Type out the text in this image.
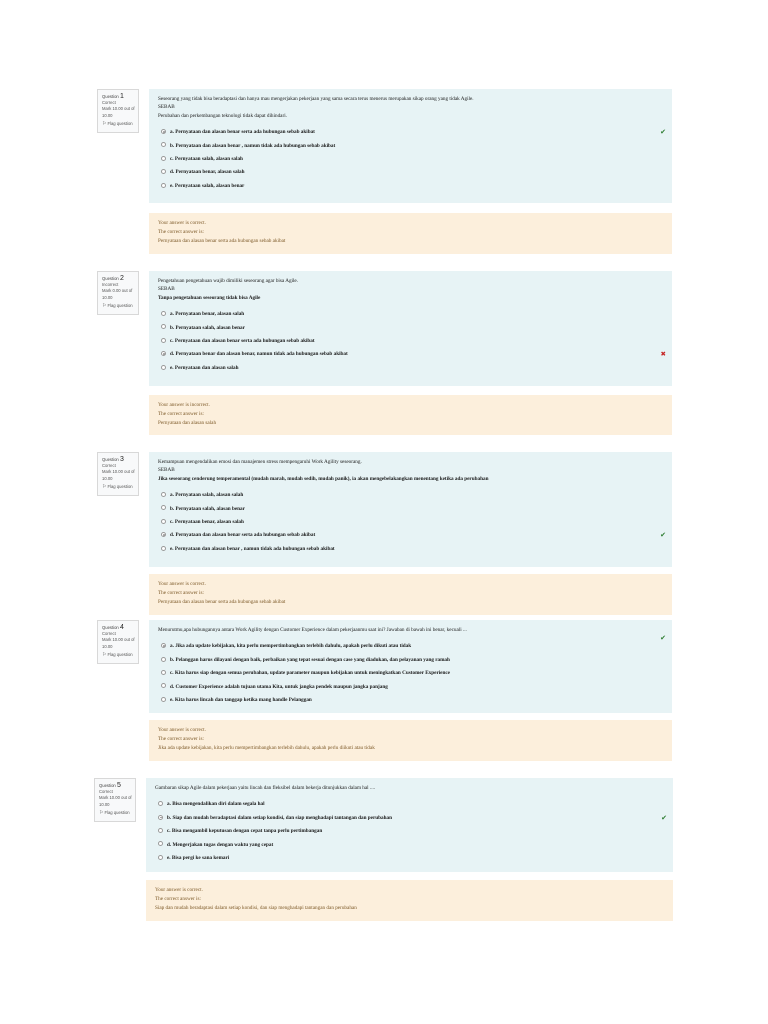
Question 1
Correct
Mark 10.00 out of 10.00
⚐Flag question
Seseorang yang tidak bisa beradaptasi dan hanya mau mengerjakan pekerjaan yang sama secara terus menerus merupakan sikap orang yang tidak Agile.
SEBAB
Perubahan dan perkembangan teknologi tidak dapat dihindari.
a. Pernyataan dan alasan benar serta ada hubungan sebab akibat	✔
b. Pernyataan dan alasan benar , namun tidak ada hubungan sebab akibat
c. Pernyataan salah, alasan salah
d. Pernyataan benar, alasan salah
e. Pernyataan salah, alasan benar
Your answer is correct.
The correct answer is:
Pernyataan dan alasan benar serta ada hubungan sebab akibat
Question 2
Incorrect
Mark 0.00 out of 10.00
⚐Flag question
Pengetahuan pengetahuan wajib dimiliki seseorang agar bisa Agile.
SEBAB
Tanpa pengetahuan seseorang tidak bisa Agile
a. Pernyataan benar, alasan salah
b. Pernyataan salah, alasan benar
c. Pernyataan dan alasan benar serta ada hubungan sebab akibat
d. Pernyataan benar dan alasan benar, namun tidak ada hubungan sebab akibat	✖
e. Pernyataan dan alasan salah
Your answer is incorrect.
The correct answer is:
Pernyataan dan alasan salah
Question 3
Correct
Mark 10.00 out of 10.00
⚐Flag question
Kemampuan mengendalikan emosi dan manajemen stress mempengaruhi Work Agility seseorang.
SEBAB
Jika seseorang cenderung temperamental (mudah marah, mudah sedih, mudah panik), ia akan mengebelakangkan menentang ketika ada perubahan
a. Pernyataan salah, alasan salah
b. Pernyataan salah, alasan benar
c. Pernyataan benar, alasan salah
d. Pernyataan dan alasan benar serta ada hubungan sebab akibat	✔
e. Pernyataan dan alasan benar , namun tidak ada hubungan sebab akibat
Your answer is correct.
The correct answer is:
Pernyataan dan alasan benar serta ada hubungan sebab akibat
Question 4
Correct
Mark 10.00 out of 10.00
⚐Flag question
Menurutmu,apa hubungannya antara Work Agility dengan Customer Experience dalam pekerjaanmu saat ini? Jawaban di bawah ini benar, kecuali ...
a. Jika ada update kebijakan, kita perlu mempertimbangkan terlebih dahulu, apakah perlu dikuti atau tidak
✔
b. Pelanggan harus dilayani dengan baik, perbaikan yang tepat sesuai dengan case yang diadukan, dan pelayanan yang ramah
c. Kita harus siap dengan semua perubahan, update parameter maupun kebijakan untuk meningkatkan Customer Experience
d. Customer Experience adalah tujuan utama Kita, untuk jangka pendek maupun jangka panjang
e. Kita harus lincah dan tanggap ketika mang handle Pelanggan
Your answer is correct.
The correct answer is:
Jika ada update kebijakan, kita perlu mempertimbangkan terlebih dahulu, apakah perlu diikuti atau tidak
Question 5
Correct
Mark 10.00 out of 10.00
⚐Flag question
Gambaran sikap Agile dalam pekerjaan yaitu lincah dan fleksibel dalam bekerja ditunjukkan dalam hal ....
a. Bisa mengendalikan diri dalam segala hal
b. Siap dan mudah beradaptasi dalam setiap kondisi, dan siap menghadapi tantangan dan perubahan	✔
c. Bisa mengambil keputusan dengan cepat tanpa perlu pertimbangan
d. Mengerjakan tugas dengan waktu yang cepat
e. Bisa pergi ke sana kemari
Your answer is correct.
The correct answer is:
Siap dan mudah beradaptasi dalam setiap kondisi, dan siap menghadapi tantangan dan perubahan
